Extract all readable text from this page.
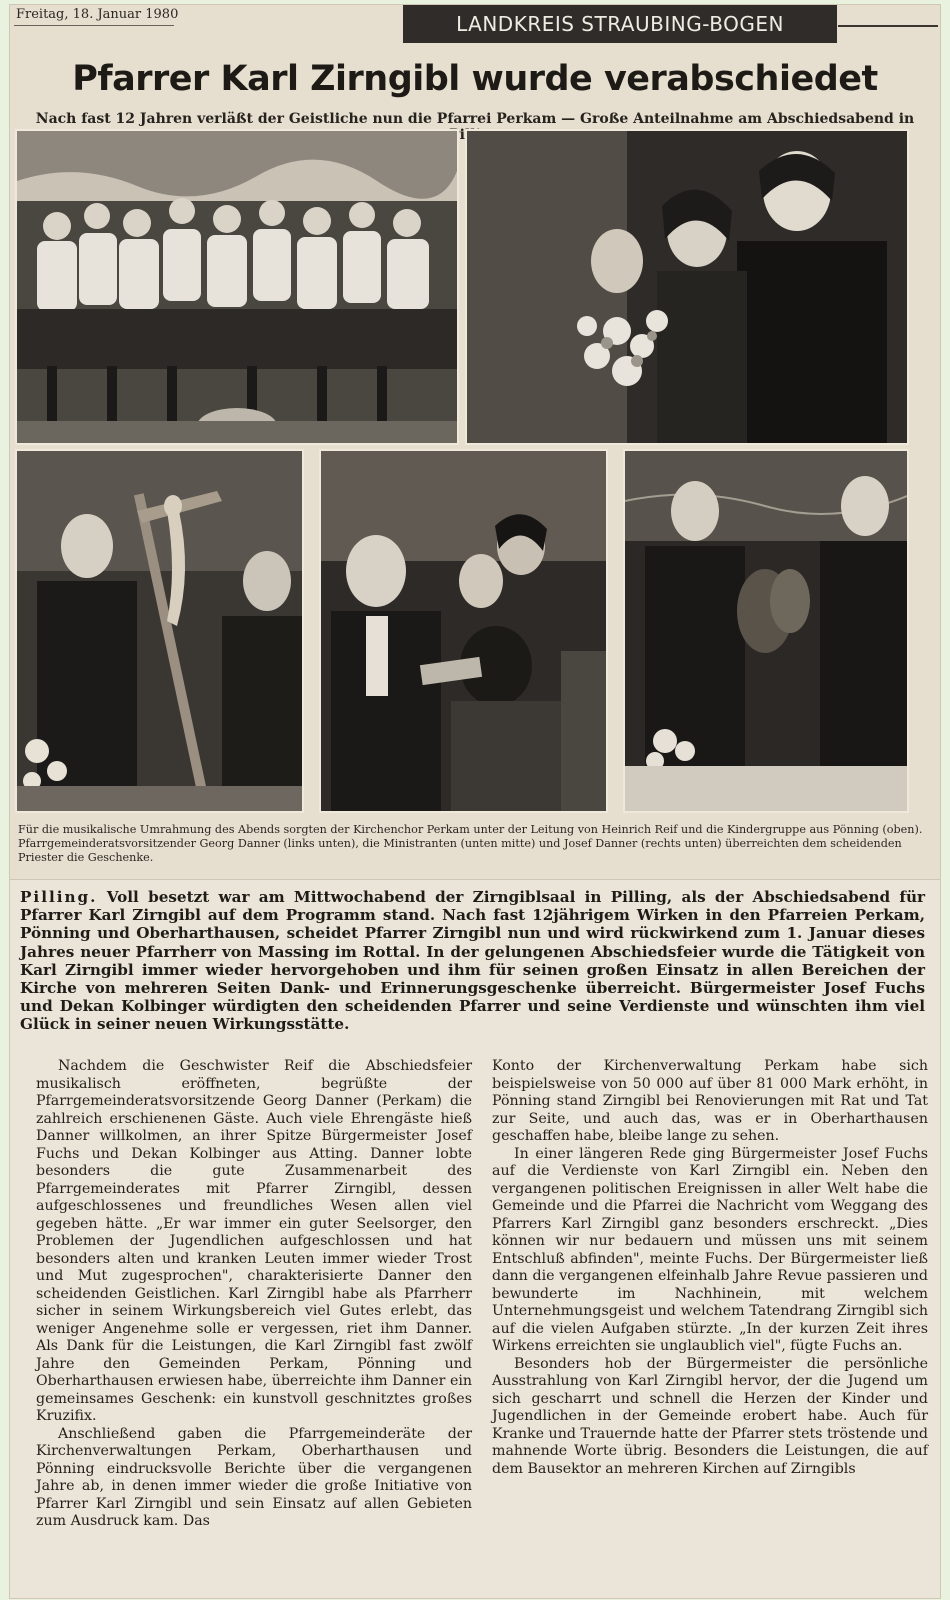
Freitag, 18. Januar 1980	LANDKREIS STRAUBING-BOGEN
Pfarrer Karl Zirngibl wurde verabschiedet
Nach fast 12 Jahren verläßt der Geistliche nun die Pfarrei Perkam — Große Anteilnahme am Abschiedsabend in
Für die musikalische Umrahmung des Abends sorgten der Kirchenchor Perkam unter der Leitung von Heinrich Reif und die Kindergruppe aus Pönning (oben). Pfarrgemeinderatsvorsitzender Georg Danner (links unten), die Ministranten (unten mitte) und Josef Danner (rechts unten) überreichten dem scheidenden Priester die Geschenke.
Pilling. Voll besetzt war am Mittwochabend der Zirngiblsaal in Pilling, als der Abschiedsabend für Pfarrer Karl Zirngibl auf dem Programm stand. Nach fast 12jährigem Wirken in den Pfarreien Perkam, Pönning und Oberharthausen, scheidet Pfarrer Zirngibl nun und wird rückwirkend zum 1. Januar dieses Jahres neuer Pfarrherr von Massing im Rottal. In der gelungenen Abschiedsfeier wurde die Tätigkeit von Karl Zirngibl immer wieder hervorgehoben und ihm für seinen großen Einsatz in allen Bereichen der Kirche von mehreren Seiten Dank- und Erinnerungsgeschenke überreicht. Bürgermeister Josef Fuchs und Dekan Kolbinger würdigten den scheidenden Pfarrer und seine Verdienste und wünschten ihm viel Glück in seiner neuen Wirkungsstätte.

Nachdem die Geschwister Reif die Abschiedsfeier musikalisch eröffneten, begrüßte der Pfarrgemeinderatsvorsitzende Georg Danner (Perkam) die zahlreich erschienenen Gäste. Auch viele Ehrengäste hieß Danner willkolmen, an ihrer Spitze Bürgermeister Josef Fuchs und Dekan Kolbinger aus Atting. Danner lobte besonders die gute Zusammenarbeit des Pfarrgemeinderates mit Pfarrer Zirngibl, dessen aufgeschlossenes und freundliches Wesen allen viel gegeben hätte. „Er war immer ein guter Seelsorger, den Problemen der Jugendlichen aufgeschlossen und hat besonders alten und kranken Leuten immer wieder Trost und Mut zugesprochen", charakterisierte Danner den scheidenden Geistlichen. Karl Zirngibl habe als Pfarrherr sicher in seinem Wirkungsbereich viel Gutes erlebt, das weniger Angenehme solle er vergessen, riet ihm Danner. Als Dank für die Leistungen, die Karl Zirngibl fast zwölf Jahre den Gemeinden Perkam, Pönning und Oberharthausen erwiesen habe, überreichte ihm Danner ein gemeinsames Geschenk: ein kunstvoll geschnitztes großes Kruzifix.

Anschließend gaben die Pfarrgemeinderäte der Kirchenverwaltungen Perkam, Oberharthausen und Pönning eindrucksvolle Berichte über die vergangenen Jahre ab, in denen immer wieder die große Initiative von Pfarrer Karl Zirngibl und sein Einsatz auf allen Gebieten zum Ausdruck kam. Das

Konto der Kirchenverwaltung Perkam habe sich beispielsweise von 50 000 auf über 81 000 Mark erhöht, in Pönning stand Zirngibl bei Renovierungen mit Rat und Tat zur Seite, und auch das, was er in Oberharthausen geschaffen habe, bleibe lange zu sehen.

In einer längeren Rede ging Bürgermeister Josef Fuchs auf die Verdienste von Karl Zirngibl ein. Neben den vergangenen politischen Ereignissen in aller Welt habe die Gemeinde und die Pfarrei die Nachricht vom Weggang des Pfarrers Karl Zirngibl ganz besonders erschreckt. „Dies können wir nur bedauern und müssen uns mit seinem Entschluß abfinden", meinte Fuchs. Der Bürgermeister ließ dann die vergangenen elfeinhalb Jahre Revue passieren und bewunderte im Nachhinein, mit welchem Unternehmungsgeist und welchem Tatendrang Zirngibl sich auf die vielen Aufgaben stürzte. „In der kurzen Zeit ihres Wirkens erreichten sie unglaublich viel", fügte Fuchs an.

Besonders hob der Bürgermeister die persönliche Ausstrahlung von Karl Zirngibl hervor, der die Jugend um sich gescharrt und schnell die Herzen der Kinder und Jugendlichen in der Gemeinde erobert habe. Auch für Kranke und Trauernde hatte der Pfarrer stets tröstende und mahnende Worte übrig. Besonders die Leistungen, die auf dem Bausektor an mehreren Kirchen auf Zirngibls
